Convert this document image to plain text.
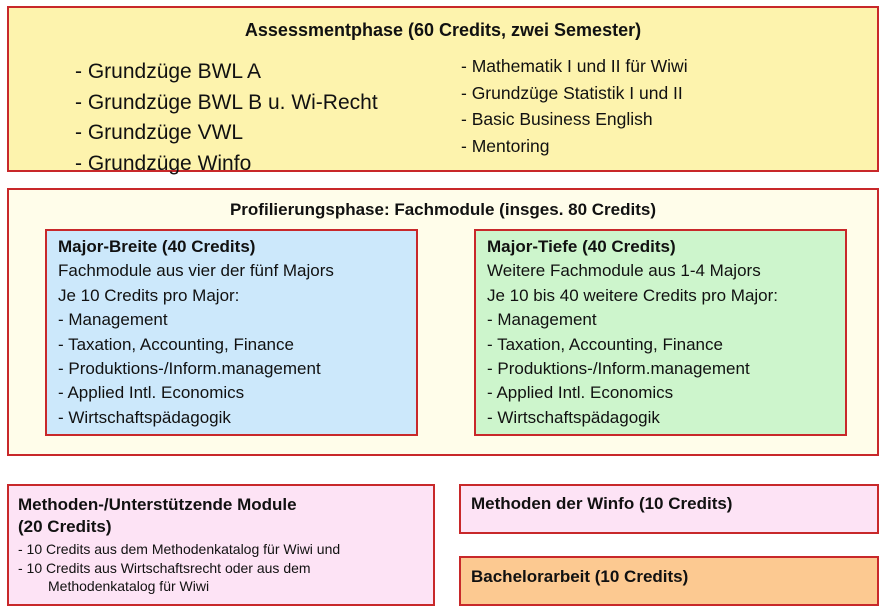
Assessmentphase (60 Credits, zwei Semester)
- Grundzüge BWL A
- Grundzüge BWL B u. Wi-Recht
- Grundzüge VWL
- Grundzüge Winfo
- Mathematik I und II für Wiwi
- Grundzüge Statistik I und II
- Basic Business English
- Mentoring
Profilierungsphase: Fachmodule (insges. 80 Credits)
Major-Breite (40 Credits)
Fachmodule aus vier der fünf Majors
Je 10 Credits pro Major:
- Management
- Taxation, Accounting, Finance
- Produktions-/Inform.management
- Applied Intl. Economics
- Wirtschaftspädagogik
Major-Tiefe (40 Credits)
Weitere Fachmodule aus 1-4 Majors
Je 10 bis 40 weitere Credits pro Major:
- Management
- Taxation, Accounting, Finance
- Produktions-/Inform.management
- Applied Intl. Economics
- Wirtschaftspädagogik
Methoden-/Unterstützende Module
(20 Credits)
- 10 Credits aus dem Methodenkatalog für Wiwi und
- 10 Credits aus Wirtschaftsrecht oder aus dem
Methodenkatalog für Wiwi
Methoden der Winfo (10 Credits)
Bachelorarbeit (10 Credits)
